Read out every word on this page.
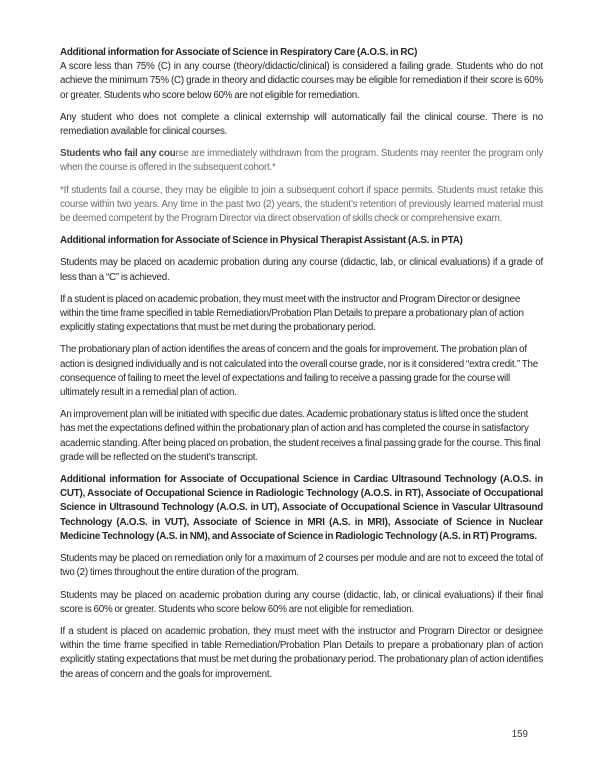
Additional information for Associate of Science in Respiratory Care (A.O.S. in RC)

A score less than 75% (C) in any course (theory/didactic/clinical) is considered a failing grade. Students who do not achieve the minimum 75% (C) grade in theory and didactic courses may be eligible for remediation if their score is 60% or greater. Students who score below 60% are not eligible for remediation.

Any student who does not complete a clinical externship will automatically fail the clinical course. There is no remediation available for clinical courses.

Students who fail any course are immediately withdrawn from the program. Students may reenter the program only when the course is offered in the subsequent cohort.*

*If students fail a course, they may be eligible to join a subsequent cohort if space permits. Students must retake this course within two years. Any time in the past two (2) years, the student’s retention of previously learned material must be deemed competent by the Program Director via direct observation of skills check or comprehensive exam.

Additional information for Associate of Science in Physical Therapist Assistant (A.S. in PTA)

Students may be placed on academic probation during any course (didactic, lab, or clinical evaluations) if a grade of less than a “C” is achieved.

If a student is placed on academic probation, they must meet with the instructor and Program Director or designee within the time frame specified in table Remediation/Probation Plan Details to prepare a probationary plan of action explicitly stating expectations that must be met during the probationary period.

The probationary plan of action identifies the areas of concern and the goals for improvement. The probation plan of action is designed individually and is not calculated into the overall course grade, nor is it considered “extra credit.” The consequence of failing to meet the level of expectations and failing to receive a passing grade for the course will ultimately result in a remedial plan of action.

An improvement plan will be initiated with specific due dates. Academic probationary status is lifted once the student has met the expectations defined within the probationary plan of action and has completed the course in satisfactory academic standing. After being placed on probation, the student receives a final passing grade for the course. This final grade will be reflected on the student’s transcript.

Additional information for Associate of Occupational Science in Cardiac Ultrasound Technology (A.O.S. in CUT), Associate of Occupational Science in Radiologic Technology (A.O.S. in RT), Associate of Occupational Science in Ultrasound Technology (A.O.S. in UT), Associate of Occupational Science in Vascular Ultrasound Technology (A.O.S. in VUT), Associate of Science in MRI (A.S. in MRI), Associate of Science in Nuclear Medicine Technology (A.S. in NM), and Associate of Science in Radiologic Technology (A.S. in RT) Programs.

Students may be placed on remediation only for a maximum of 2 courses per module and are not to exceed the total of two (2) times throughout the entire duration of the program.

Students may be placed on academic probation during any course (didactic, lab, or clinical evaluations) if their final score is 60% or greater. Students who score below 60% are not eligible for remediation.

If a student is placed on academic probation, they must meet with the instructor and Program Director or designee within the time frame specified in table Remediation/Probation Plan Details to prepare a probationary plan of action explicitly stating expectations that must be met during the probationary period. The probationary plan of action identifies the areas of concern and the goals for improvement.

159
